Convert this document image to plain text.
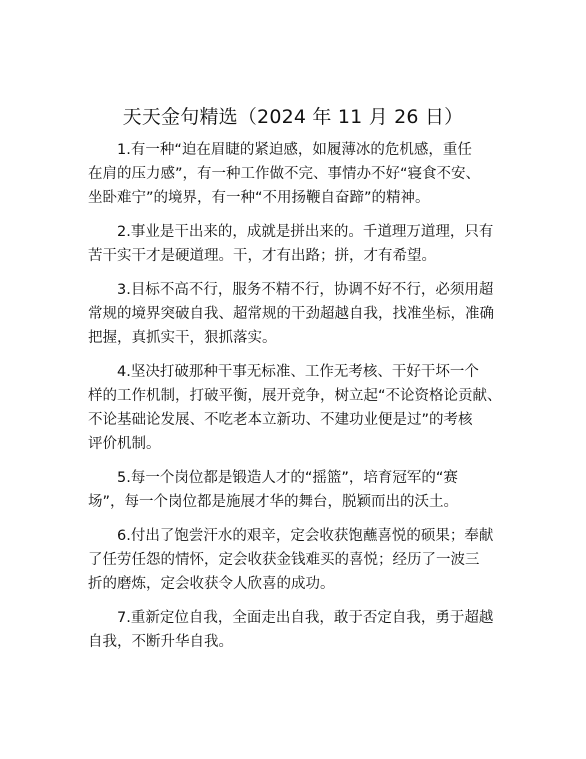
天天金句精选（2024 年 11 月 26 日）

1.有一种“迫在眉睫的紧迫感，如履薄冰的危机感，重任
在肩的压力感”，有一种工作做不完、事情办不好“寝食不安、
坐卧难宁”的境界，有一种“不用扬鞭自奋蹄”的精神。

2.事业是干出来的，成就是拼出来的。千道理万道理，只有
苦干实干才是硬道理。干，才有出路；拼，才有希望。

3.目标不高不行，服务不精不行，协调不好不行，必须用超
常规的境界突破自我、超常规的干劲超越自我，找准坐标，准确
把握，真抓实干，狠抓落实。

4.坚决打破那种干事无标准、工作无考核、干好干坏一个
样的工作机制，打破平衡，展开竞争，树立起“不论资格论贡献、
不论基础论发展、不吃老本立新功、不建功业便是过”的考核
评价机制。

5.每一个岗位都是锻造人才的“摇篮”，培育冠军的“赛
场”，每一个岗位都是施展才华的舞台，脱颖而出的沃土。

6.付出了饱尝汗水的艰辛，定会收获饱蘸喜悦的硕果；奉献
了任劳任怨的情怀，定会收获金钱难买的喜悦；经历了一波三
折的磨炼，定会收获令人欣喜的成功。

7.重新定位自我，全面走出自我，敢于否定自我，勇于超越
自我，不断升华自我。
